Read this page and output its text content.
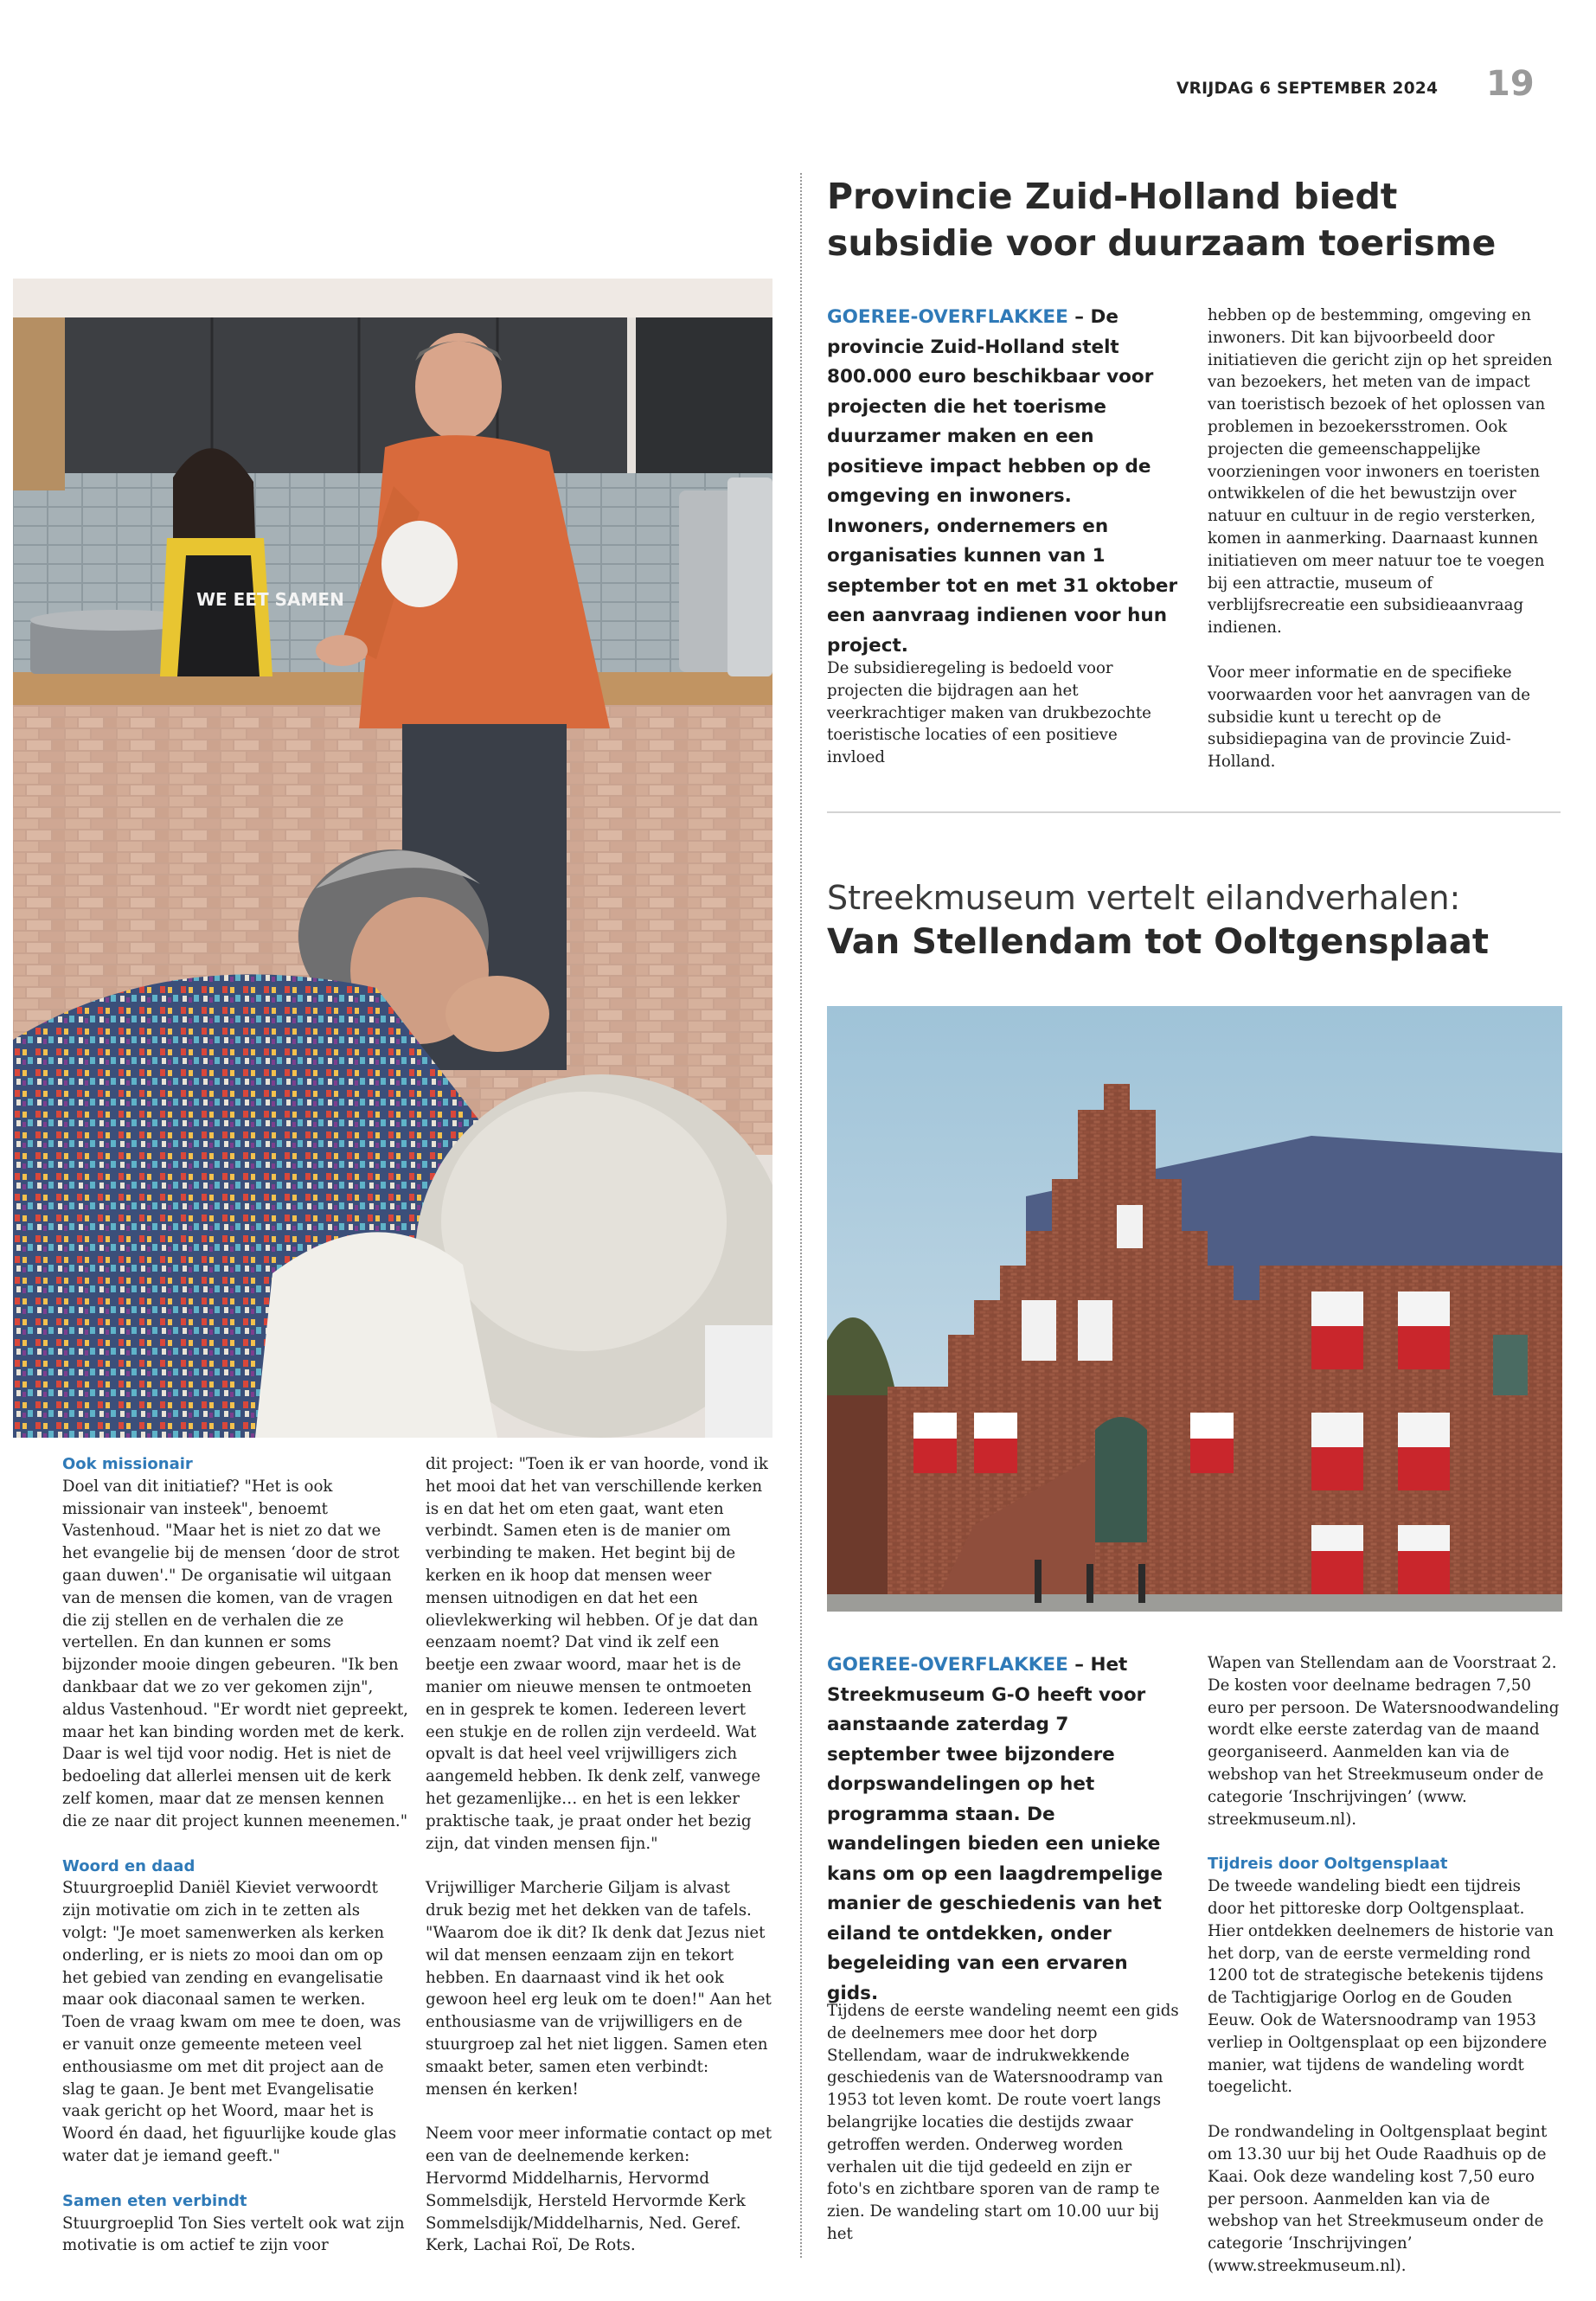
VRIJDAG 6 SEPTEMBER 2024 19
WE EET SAMEN
Provincie Zuid-Holland biedt subsidie voor duurzaam toerisme
GOEREE-OVERFLAKKEE – De provincie Zuid-Holland stelt 800.000 euro beschikbaar voor projecten die het toerisme duurzamer maken en een positieve impact hebben op de omgeving en inwoners. Inwoners, ondernemers en organisaties kunnen van 1 september tot en met 31 oktober een aanvraag indienen voor hun project.

De subsidieregeling is bedoeld voor projecten die bijdragen aan het veerkrachtiger maken van drukbezochte toeristische locaties of een positieve invloed

hebben op de bestemming, omgeving en inwoners. Dit kan bijvoorbeeld door initiatieven die gericht zijn op het spreiden van bezoekers, het meten van de impact van toeristisch bezoek of het oplossen van problemen in bezoekersstromen. Ook projecten die gemeenschappelijke voorzieningen voor inwoners en toeristen ontwikkelen of die het bewustzijn over natuur en cultuur in de regio versterken, komen in aanmerking. Daarnaast kunnen initiatieven om meer natuur toe te voegen bij een attractie, museum of verblijfsrecreatie een subsidieaanvraag indienen.

Voor meer informatie en de specifieke voorwaarden voor het aanvragen van de subsidie kunt u terecht op de subsidiepagina van de provincie Zuid-Holland.

Streekmuseum vertelt eilandverhalen:
Van Stellendam tot Ooltgensplaat
GOEREE-OVERFLAKKEE – Het Streekmuseum G-O heeft voor aanstaande zaterdag 7 september twee bijzondere dorpswandelingen op het programma staan. De wandelingen bieden een unieke kans om op een laagdrempelige manier de geschiedenis van het eiland te ontdekken, onder begeleiding van een ervaren gids.

Tijdens de eerste wandeling neemt een gids de deelnemers mee door het dorp Stellendam, waar de indrukwekkende geschiedenis van de Watersnoodramp van 1953 tot leven komt. De route voert langs belangrijke locaties die destijds zwaar getroffen werden. Onderweg worden verhalen uit die tijd gedeeld en zijn er foto's en zichtbare sporen van de ramp te zien. De wandeling start om 10.00 uur bij het

Wapen van Stellendam aan de Voorstraat 2. De kosten voor deelname bedragen 7,50 euro per persoon. De Watersnoodwandeling wordt elke eerste zaterdag van de maand georganiseerd. Aanmelden kan via de webshop van het Streekmuseum onder de categorie ‘Inschrijvingen’ (www. streekmuseum.nl).

Tijdreis door Ooltgensplaat

De tweede wandeling biedt een tijdreis door het pittoreske dorp Ooltgensplaat. Hier ontdekken deelnemers de historie van het dorp, van de eerste vermelding rond 1200 tot de strategische betekenis tijdens de Tachtigjarige Oorlog en de Gouden Eeuw. Ook de Watersnoodramp van 1953 verliep in Ooltgensplaat op een bijzondere manier, wat tijdens de wandeling wordt toegelicht.

De rondwandeling in Ooltgensplaat begint om 13.30 uur bij het Oude Raadhuis op de Kaai. Ook deze wandeling kost 7,50 euro per persoon. Aanmelden kan via de webshop van het Streekmuseum onder de categorie ‘Inschrijvingen’ (www.streekmuseum.nl).

Ook missionair

Doel van dit initiatief? "Het is ook missionair van insteek", benoemt Vastenhoud. "Maar het is niet zo dat we het evangelie bij de mensen ‘door de strot gaan duwen'." De organisatie wil uitgaan van de mensen die komen, van de vragen die zij stellen en de verhalen die ze vertellen. En dan kunnen er soms bijzonder mooie dingen gebeuren. "Ik ben dankbaar dat we zo ver gekomen zijn", aldus Vastenhoud. "Er wordt niet gepreekt, maar het kan binding worden met de kerk. Daar is wel tijd voor nodig. Het is niet de bedoeling dat allerlei mensen uit de kerk zelf komen, maar dat ze mensen kennen die ze naar dit project kunnen meenemen."

Woord en daad

Stuurgroeplid Daniël Kieviet verwoordt zijn motivatie om zich in te zetten als volgt: "Je moet samenwerken als kerken onderling, er is niets zo mooi dan om op het gebied van zending en evangelisatie maar ook diaconaal samen te werken. Toen de vraag kwam om mee te doen, was er vanuit onze gemeente meteen veel enthousiasme om met dit project aan de slag te gaan. Je bent met Evangelisatie vaak gericht op het Woord, maar het is Woord én daad, het figuurlijke koude glas water dat je iemand geeft."

Samen eten verbindt

Stuurgroeplid Ton Sies vertelt ook wat zijn motivatie is om actief te zijn voor

dit project: "Toen ik er van hoorde, vond ik het mooi dat het van verschillende kerken is en dat het om eten gaat, want eten verbindt. Samen eten is de manier om verbinding te maken. Het begint bij de kerken en ik hoop dat mensen weer mensen uitnodigen en dat het een olievlekwerking wil hebben. Of je dat dan eenzaam noemt? Dat vind ik zelf een beetje een zwaar woord, maar het is de manier om nieuwe mensen te ontmoeten en in gesprek te komen. Iedereen levert een stukje en de rollen zijn verdeeld. Wat opvalt is dat heel veel vrijwilligers zich aangemeld hebben. Ik denk zelf, vanwege het gezamenlijke… en het is een lekker praktische taak, je praat onder het bezig zijn, dat vinden mensen fijn."

Vrijwilliger Marcherie Giljam is alvast druk bezig met het dekken van de tafels. "Waarom doe ik dit? Ik denk dat Jezus niet wil dat mensen eenzaam zijn en tekort hebben. En daarnaast vind ik het ook gewoon heel erg leuk om te doen!" Aan het enthousiasme van de vrijwilligers en de stuurgroep zal het niet liggen. Samen eten smaakt beter, samen eten verbindt: mensen én kerken!

Neem voor meer informatie contact op met een van de deelnemende kerken: Hervormd Middelharnis, Hervormd Sommelsdijk, Hersteld Hervormde Kerk Sommelsdijk/Middelharnis, Ned. Geref. Kerk, Lachai Roï, De Rots.
